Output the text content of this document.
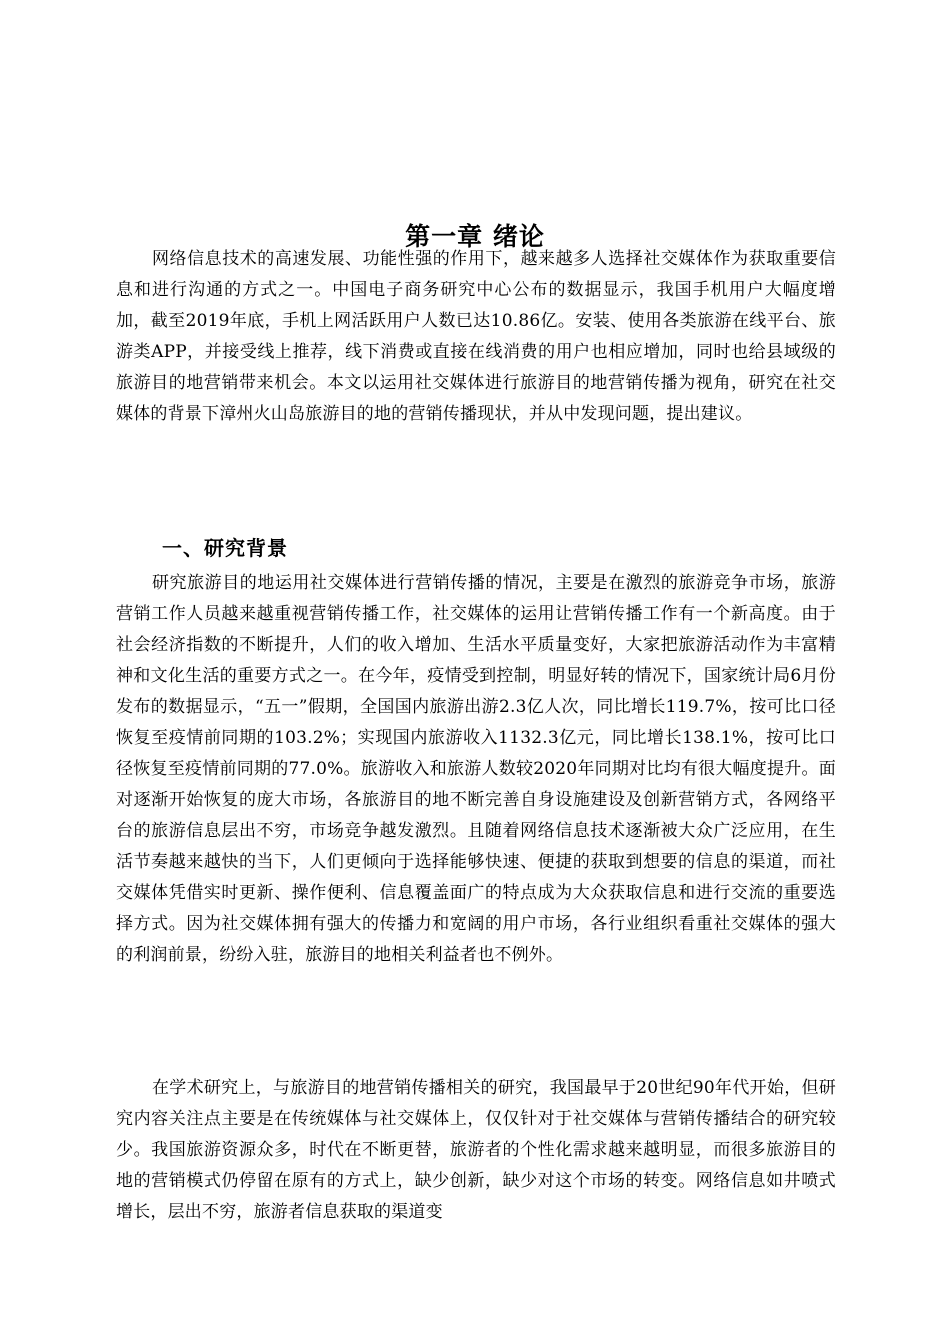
第一章 绪论

网络信息技术的高速发展、功能性强的作用下，越来越多人选择社交媒体作为获取重要信息和进行沟通的方式之一。中国电子商务研究中心公布的数据显示，我国手机用户大幅度增加，截至2019年底，手机上网活跃用户人数已达10.86亿。安装、使用各类旅游在线平台、旅游类APP，并接受线上推荐，线下消费或直接在线消费的用户也相应增加，同时也给县域级的旅游目的地营销带来机会。本文以运用社交媒体进行旅游目的地营销传播为视角，研究在社交媒体的背景下漳州火山岛旅游目的地的营销传播现状，并从中发现问题，提出建议。

一、研究背景

研究旅游目的地运用社交媒体进行营销传播的情况，主要是在激烈的旅游竞争市场，旅游营销工作人员越来越重视营销传播工作，社交媒体的运用让营销传播工作有一个新高度。由于社会经济指数的不断提升，人们的收入增加、生活水平质量变好，大家把旅游活动作为丰富精神和文化生活的重要方式之一。在今年，疫情受到控制，明显好转的情况下，国家统计局6月份发布的数据显示，“五一”假期，全国国内旅游出游2.3亿人次，同比增长119.7%，按可比口径恢复至疫情前同期的103.2%；实现国内旅游收入1132.3亿元，同比增长138.1%，按可比口径恢复至疫情前同期的77.0%。旅游收入和旅游人数较2020年同期对比均有很大幅度提升。面对逐渐开始恢复的庞大市场，各旅游目的地不断完善自身设施建设及创新营销方式，各网络平台的旅游信息层出不穷，市场竞争越发激烈。且随着网络信息技术逐渐被大众广泛应用，在生活节奏越来越快的当下，人们更倾向于选择能够快速、便捷的获取到想要的信息的渠道，而社交媒体凭借实时更新、操作便利、信息覆盖面广的特点成为大众获取信息和进行交流的重要选择方式。因为社交媒体拥有强大的传播力和宽阔的用户市场，各行业组织看重社交媒体的强大的利润前景，纷纷入驻，旅游目的地相关利益者也不例外。

在学术研究上，与旅游目的地营销传播相关的研究，我国最早于20世纪90年代开始，但研究内容关注点主要是在传统媒体与社交媒体上，仅仅针对于社交媒体与营销传播结合的研究较少。我国旅游资源众多，时代在不断更替，旅游者的个性化需求越来越明显，而很多旅游目的地的营销模式仍停留在原有的方式上，缺少创新，缺少对这个市场的转变。网络信息如井喷式增长，层出不穷，旅游者信息获取的渠道变
